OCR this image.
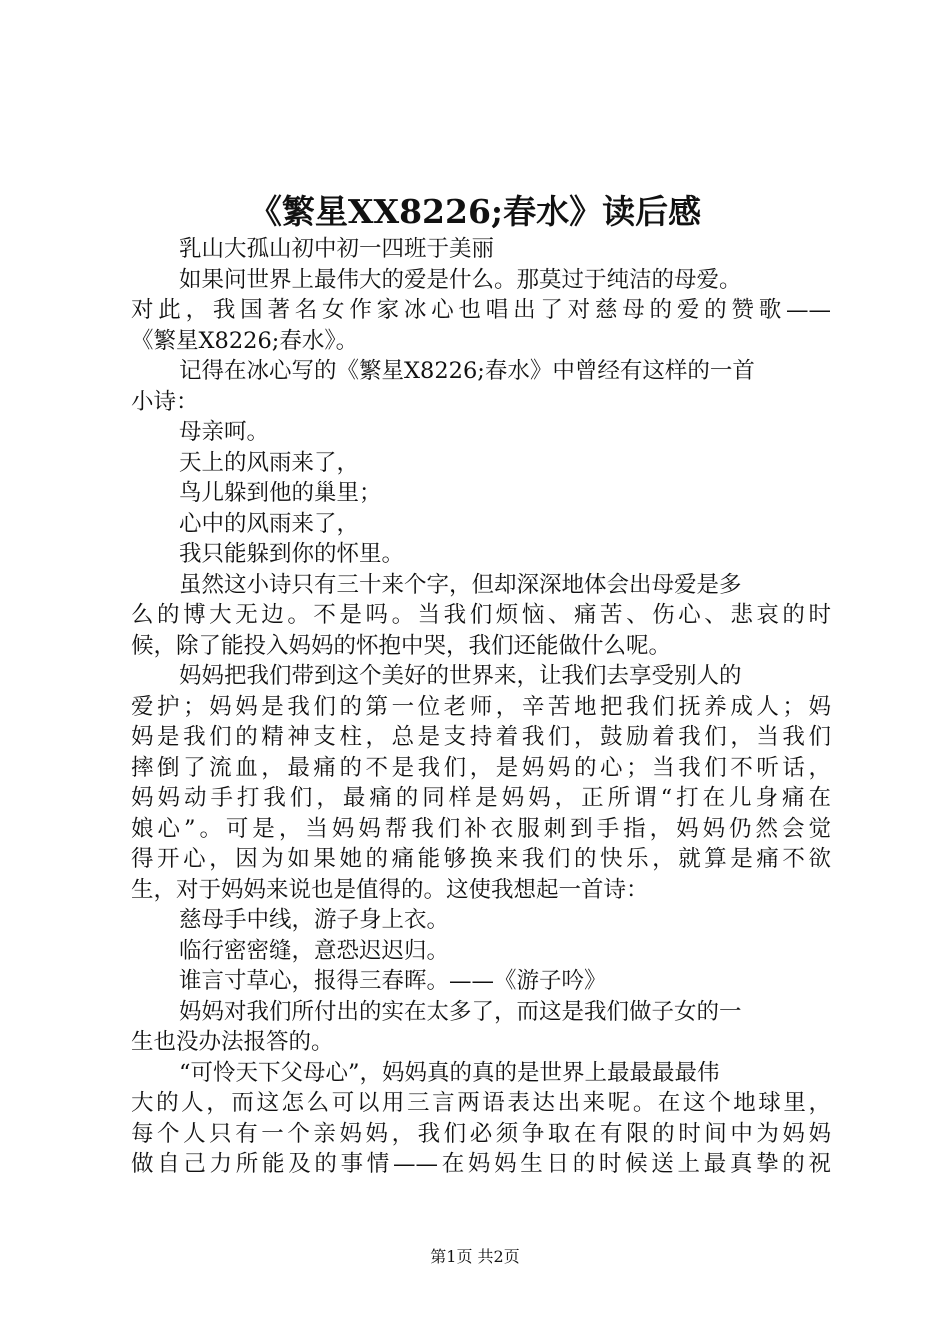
《繁星XX8226;春水》读后感
乳山大孤山初中初一四班于美丽
如果问世界上最伟大的爱是什么。那莫过于纯洁的母爱。
对此，我国著名女作家冰心也唱出了对慈母的爱的赞歌——
《繁星X8226;春水》。
记得在冰心写的《繁星X8226;春水》中曾经有这样的一首
小诗：
母亲呵。
天上的风雨来了，
鸟儿躲到他的巢里；
心中的风雨来了，
我只能躲到你的怀里。
虽然这小诗只有三十来个字，但却深深地体会出母爱是多
么的博大无边。不是吗。当我们烦恼、痛苦、伤心、悲哀的时
候，除了能投入妈妈的怀抱中哭，我们还能做什么呢。
妈妈把我们带到这个美好的世界来，让我们去享受别人的
爱护；妈妈是我们的第一位老师，辛苦地把我们抚养成人；妈
妈是我们的精神支柱，总是支持着我们，鼓励着我们，当我们
摔倒了流血，最痛的不是我们，是妈妈的心；当我们不听话，
妈妈动手打我们，最痛的同样是妈妈，正所谓“打在儿身痛在
娘心”。可是，当妈妈帮我们补衣服刺到手指，妈妈仍然会觉
得开心，因为如果她的痛能够换来我们的快乐，就算是痛不欲
生，对于妈妈来说也是值得的。这使我想起一首诗：
慈母手中线，游子身上衣。
临行密密缝，意恐迟迟归。
谁言寸草心，报得三春晖。——《游子吟》
妈妈对我们所付出的实在太多了，而这是我们做子女的一
生也没办法报答的。
“可怜天下父母心”，妈妈真的真的是世界上最最最最伟
大的人，而这怎么可以用三言两语表达出来呢。在这个地球里，
每个人只有一个亲妈妈，我们必须争取在有限的时间中为妈妈
做自己力所能及的事情——在妈妈生日的时候送上最真挚的祝
第1页 共2页
